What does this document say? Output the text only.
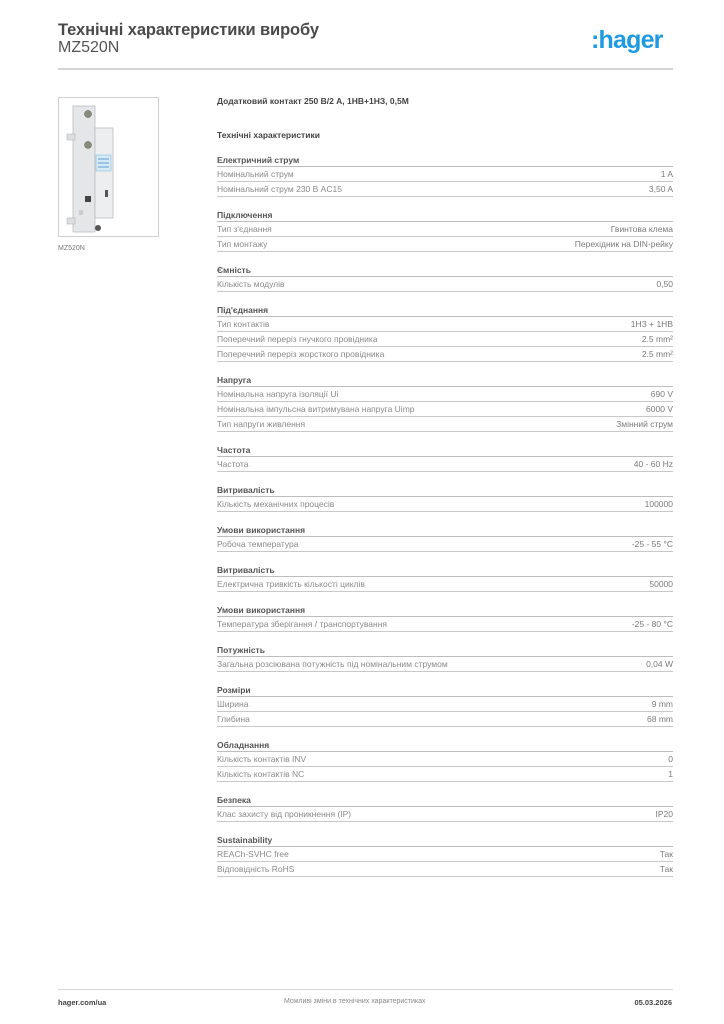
Технічні характеристики виробу
MZ520N	:hager
MZ520N
Додатковий контакт 250 В/2 А, 1НВ+1НЗ, 0,5М
Технічні характеристики
Електричний струм
Номінальний струм	1 A
Номінальний струм 230 В AC15	3,50 A
Підключення
Тип з'єднання	Гвинтова клема
Тип монтажу	Перехідник на DIN-рейку
Ємність
Кількість модулів	0,50
Під'єднання
Тип контактів	1НЗ + 1НВ
Поперечний переріз гнучкого провідника	2.5 mm²
Поперечний переріз жорсткого провідника	2.5 mm²
Напруга
Номінальна напруга ізоляції Ui	690 V
Номінальна імпульсна витримувана напруга Uimp	6000 V
Тип напруги живлення	Змінний струм
Частота
Частота	40 - 60 Hz
Витривалість
Кількість механічних процесів	100000
Умови використання
Робоча температура	-25 - 55 °C
Витривалість
Електрична тривкість кількості циклів	50000
Умови використання
Температура зберігання / транспортування	-25 - 80 °C
Потужність
Загальна розсіювана потужність під номінальним струмом	0,04 W
Розміри
Ширина	9 mm
Глибина	68 mm
Обладнання
Кількість контактів INV	0
Кількість контактів NC	1
Безпека
Клас захисту від проникнення (IP)	IP20
Sustainability
REACh-SVHC free	Так
Відповідність RoHS	Так
hager.com/ua	Можливі зміни в технічних характеристиках	05.03.2026
